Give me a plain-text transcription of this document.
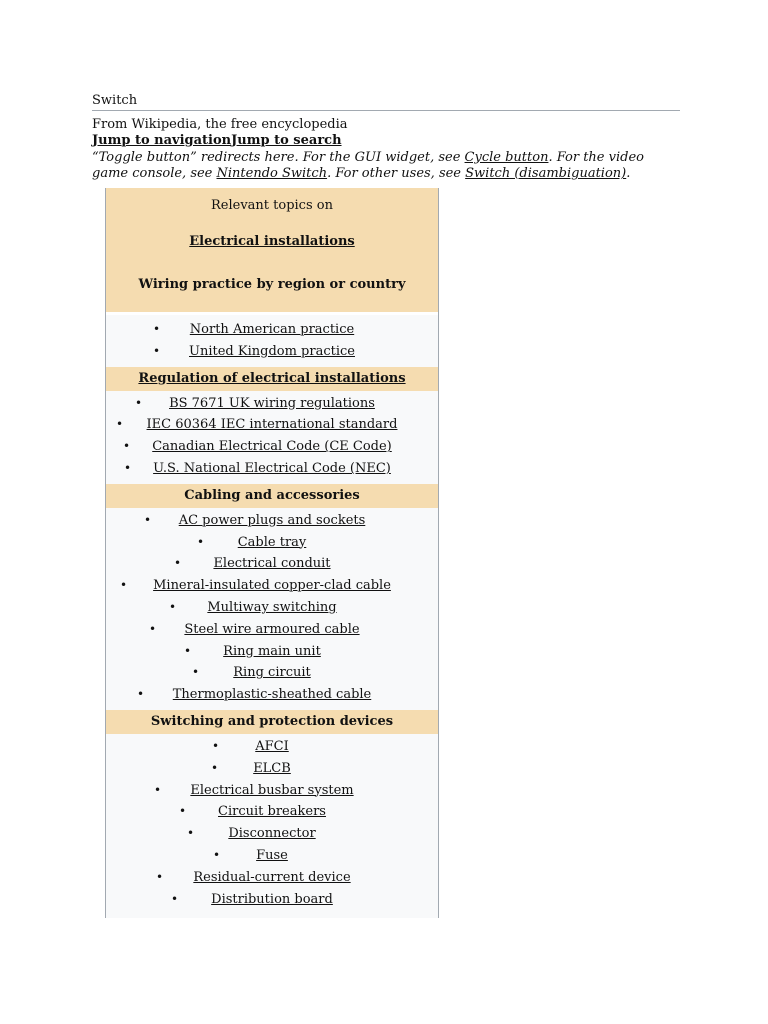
Switch
From Wikipedia, the free encyclopedia
Jump to navigationJump to search
“Toggle button” redirects here. For the GUI widget, see Cycle button. For the video game console, see Nintendo Switch. For other uses, see Switch (disambiguation).
Relevant topics on
Electrical installations
Wiring practice by region or country
• North American practice
• United Kingdom practice
Regulation of electrical installations
• BS 7671 UK wiring regulations
• IEC 60364 IEC international standard
• Canadian Electrical Code (CE Code)
• U.S. National Electrical Code (NEC)
Cabling and accessories
• AC power plugs and sockets
•	Cable tray
• Electrical conduit
• Mineral-insulated copper-clad cable
• Multiway switching
• Steel wire armoured cable
• Ring main unit
•	Ring circuit
• Thermoplastic-sheathed cable
Switching and protection devices
•	AFCI
•	ELCB
• Electrical busbar system
• Circuit breakers
•	Disconnector
•	Fuse
• Residual-current device
•	Distribution board
